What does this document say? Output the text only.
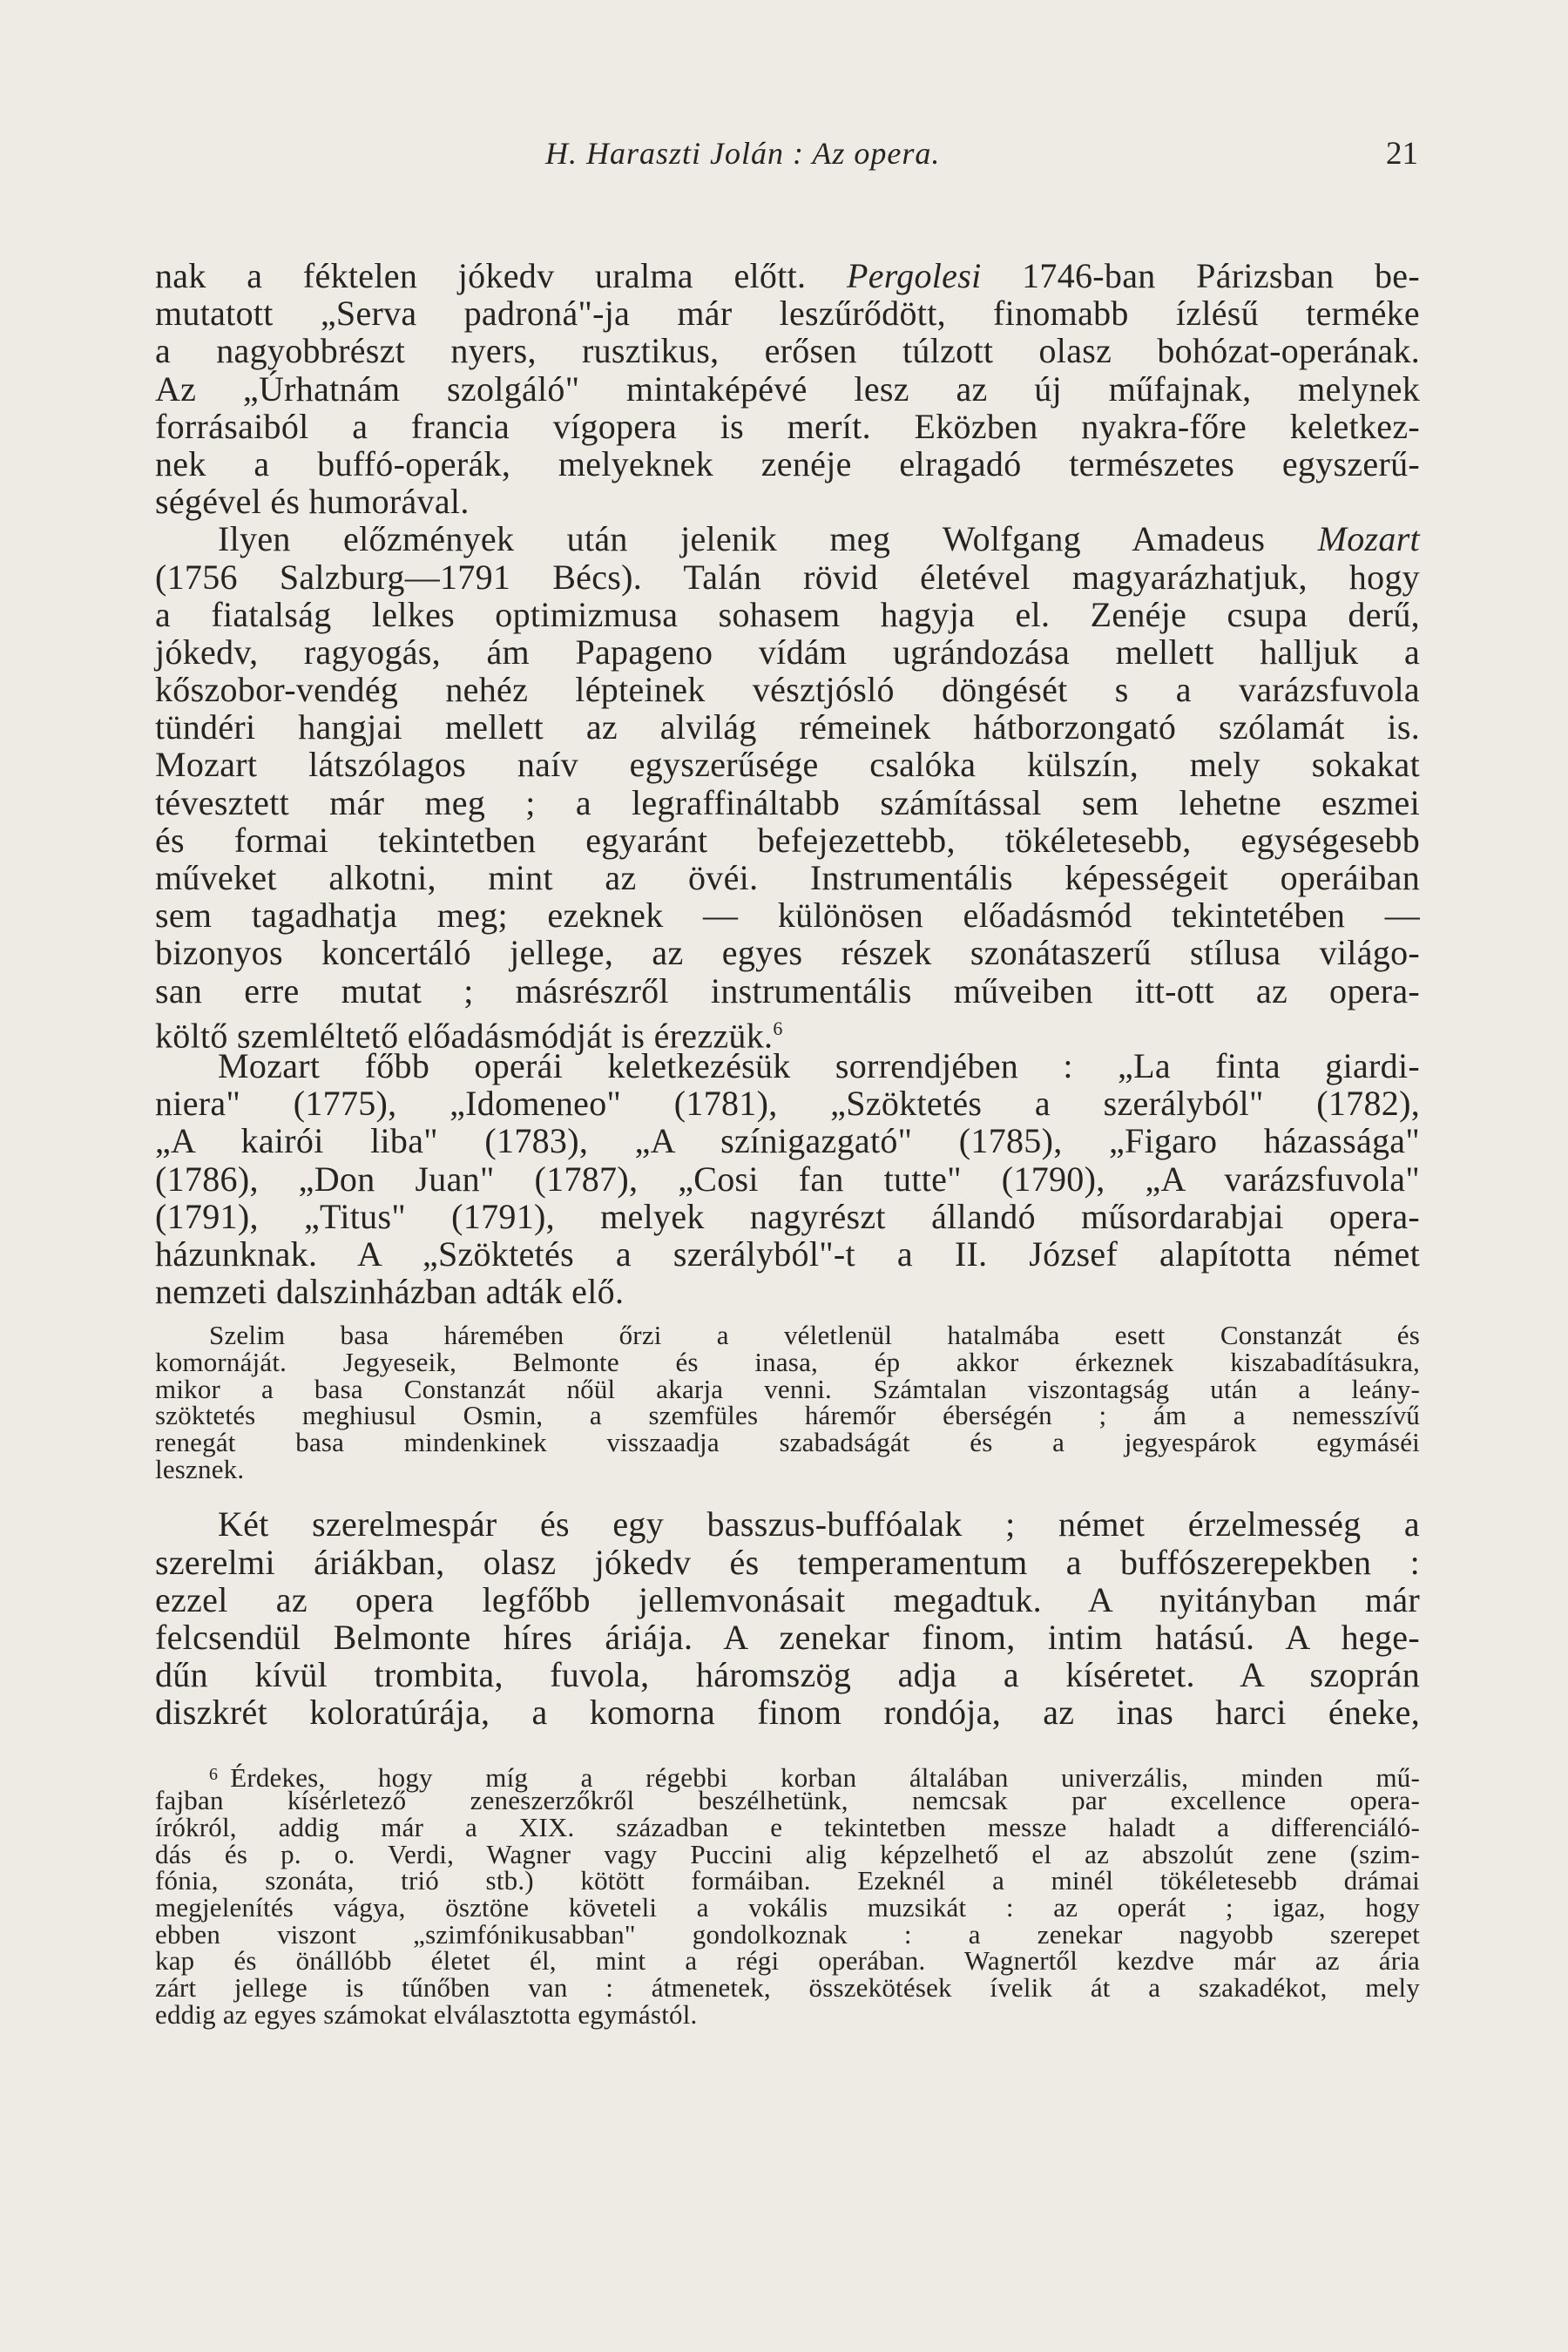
H. Haraszti Jolán : Az opera.	21
nak a féktelen jókedv uralma előtt. Pergolesi 1746-ban Párizsban be-
mutatott „Serva padroná"-ja már leszűrődött, finomabb ízlésű terméke
a nagyobbrészt nyers, rusztikus, erősen túlzott olasz bohózat-operának.
Az „Úrhatnám szolgáló" mintaképévé lesz az új műfajnak, melynek
forrásaiból a francia vígopera is merít. Eközben nyakra-főre keletkez-
nek a buffó-operák, melyeknek zenéje elragadó természetes egyszerű-
ségével és humorával.
Ilyen előzmények után jelenik meg Wolfgang Amadeus Mozart
(1756 Salzburg—1791 Bécs). Talán rövid életével magyarázhatjuk, hogy
a fiatalság lelkes optimizmusa sohasem hagyja el. Zenéje csupa derű,
jókedv, ragyogás, ám Papageno vídám ugrándozása mellett halljuk a
kőszobor-vendég nehéz lépteinek vésztjósló döngését s a varázsfuvola
tündéri hangjai mellett az alvilág rémeinek hátborzongató szólamát is.
Mozart látszólagos naív egyszerűsége csalóka külszín, mely sokakat
tévesztett már meg ; a legraffináltabb számítással sem lehetne eszmei
és formai tekintetben egyaránt befejezettebb, tökéletesebb, egységesebb
műveket alkotni, mint az övéi. Instrumentális képességeit operáiban
sem tagadhatja meg; ezeknek — különösen előadásmód tekintetében —
bizonyos koncertáló jellege, az egyes részek szonátaszerű stílusa világo-
san erre mutat ; másrészről instrumentális műveiben itt-ott az opera-
költő szemléltető előadásmódját is érezzük.$^6$
Mozart főbb operái keletkezésük sorrendjében : „La finta giardi-
niera" (1775), „Idomeneo" (1781), „Szöktetés a szerályból" (1782),
„A kairói liba" (1783), „A színigazgató" (1785), „Figaro házassága"
(1786), „Don Juan" (1787), „Cosi fan tutte" (1790), „A varázsfuvola"
(1791), „Titus" (1791), melyek nagyrészt állandó műsordarabjai opera-
házunknak. A „Szöktetés a szerályból"-t a II. József alapította német
nemzeti dalszinházban adták elő.
Szelim basa háremében őrzi a véletlenül hatalmába esett Constanzát és
komornáját. Jegyeseik, Belmonte és inasa, ép akkor érkeznek kiszabadításukra,
mikor a basa Constanzát nőül akarja venni. Számtalan viszontagság után a leány-
szöktetés meghiusul Osmin, a szemfüles háremőr éberségén ; ám a nemesszívű
renegát basa mindenkinek visszaadja szabadságát és a jegyespárok egymáséi
lesznek.
Két szerelmespár és egy basszus-buffóalak ; német érzelmesség a
szerelmi áriákban, olasz jókedv és temperamentum a buffószerepekben :
ezzel az opera legfőbb jellemvonásait megadtuk. A nyitányban már
felcsendül Belmonte híres áriája. A zenekar finom, intim hatású. A hege-
dűn kívül trombita, fuvola, háromszög adja a kíséretet. A szoprán
diszkrét koloratúrája, a komorna finom rondója, az inas harci éneke,
$^6$ Érdekes, hogy míg a régebbi korban általában univerzális, minden mű-
fajban kísérletező zeneszerzőkről beszélhetünk, nemcsak par excellence opera-
írókról, addig már a XIX. században e tekintetben messze haladt a differenciáló-
dás és p. o. Verdi, Wagner vagy Puccini alig képzelhető el az abszolút zene (szim-
fónia, szonáta, trió stb.) kötött formáiban. Ezeknél a minél tökéletesebb drámai
megjelenítés vágya, ösztöne követeli a vokális muzsikát : az operát ; igaz, hogy
ebben viszont „szimfónikusabban" gondolkoznak : a zenekar nagyobb szerepet
kap és önállóbb életet él, mint a régi operában. Wagnertől kezdve már az ária
zárt jellege is tűnőben van : átmenetek, összekötések ívelik át a szakadékot, mely
eddig az egyes számokat elválasztotta egymástól.
